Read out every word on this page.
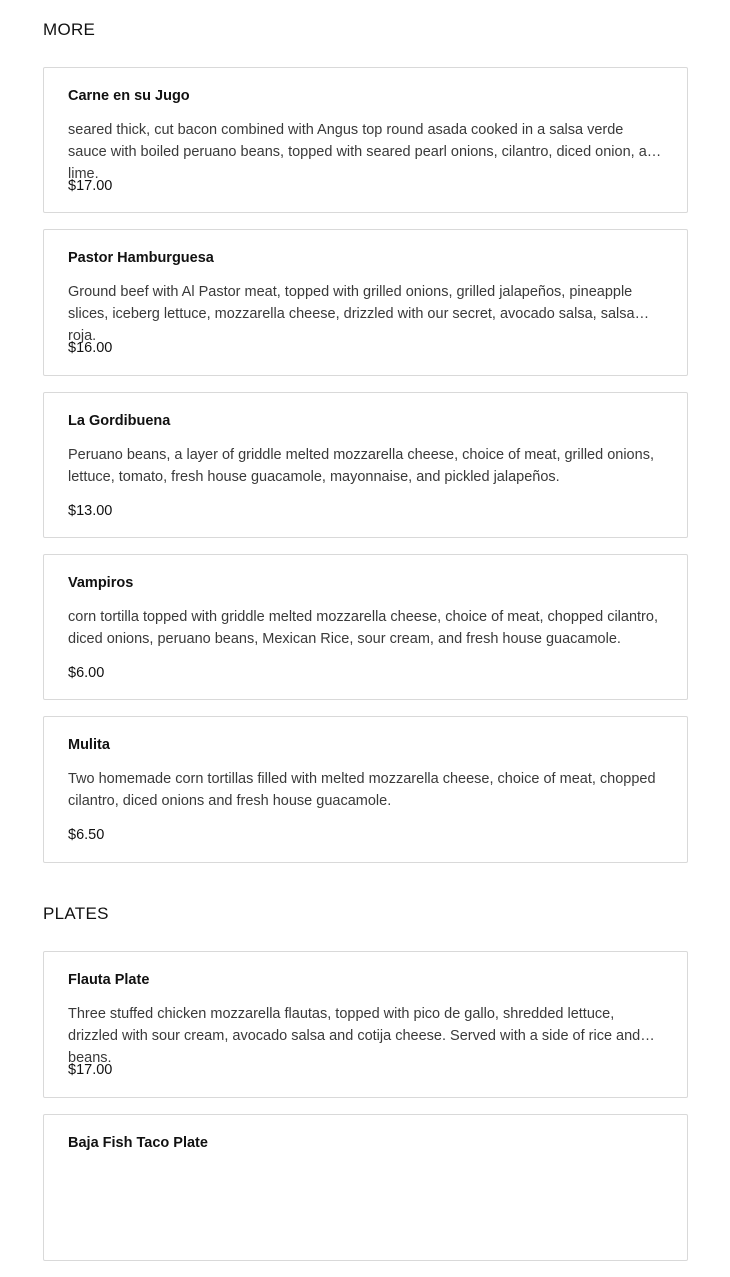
MORE
Carne en su Jugo
seared thick, cut bacon combined with Angus top round asada cooked in a salsa verde sauce with boiled peruano beans, topped with seared pearl onions, cilantro, diced onion, and lime.
$17.00
Pastor Hamburguesa
Ground beef with Al Pastor meat, topped with grilled onions, grilled jalapeños, pineapple slices, iceberg lettuce, mozzarella cheese, drizzled with our secret, avocado salsa, salsa roja.
$16.00
La Gordibuena
Peruano beans, a layer of griddle melted mozzarella cheese, choice of meat, grilled onions, lettuce, tomato, fresh house guacamole, mayonnaise, and pickled jalapeños.
$13.00
Vampiros
corn tortilla topped with griddle melted mozzarella cheese, choice of meat, chopped cilantro, diced onions, peruano beans, Mexican Rice, sour cream, and fresh house guacamole.
$6.00
Mulita
Two homemade corn tortillas filled with melted mozzarella cheese, choice of meat, chopped cilantro, diced onions and fresh house guacamole.
$6.50
PLATES
Flauta Plate
Three stuffed chicken mozzarella flautas, topped with pico de gallo, shredded lettuce, drizzled with sour cream, avocado salsa and cotija cheese. Served with a side of rice and beans.
$17.00
Baja Fish Taco Plate
